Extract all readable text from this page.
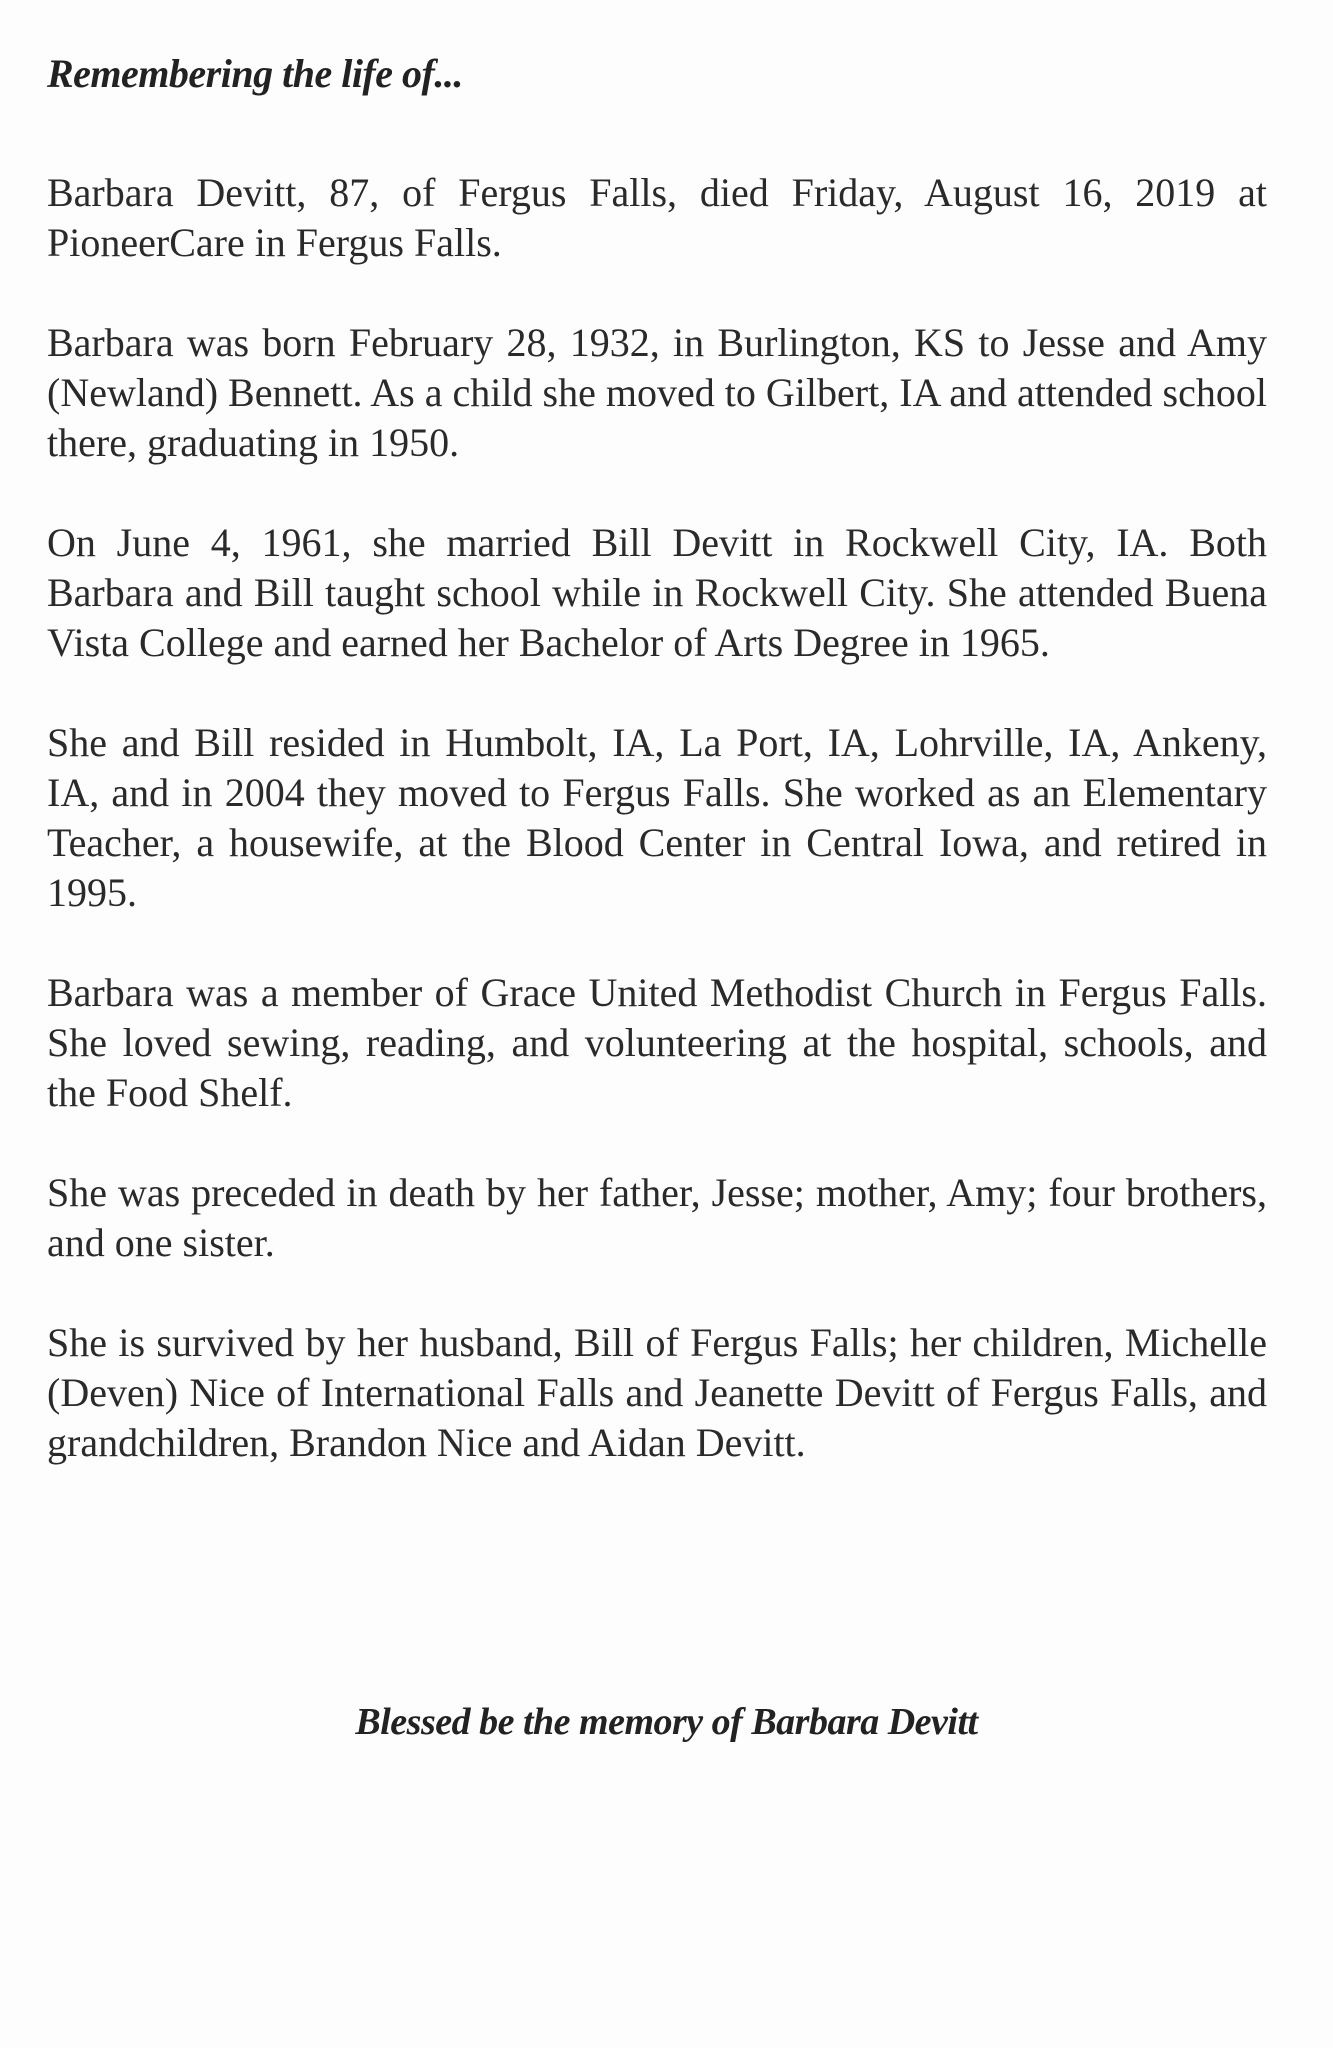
Remembering the life of...

Barbara Devitt, 87, of Fergus Falls, died Friday, August 16, 2019 at PioneerCare in Fergus Falls.

Barbara was born February 28, 1932, in Burlington, KS to Jesse and Amy (Newland) Bennett. As a child she moved to Gilbert, IA and attended school there, graduating in 1950.

On June 4, 1961, she married Bill Devitt in Rockwell City, IA. Both Barbara and Bill taught school while in Rockwell City. She attended Buena Vista College and earned her Bachelor of Arts Degree in 1965.

She and Bill resided in Humbolt, IA, La Port, IA, Lohrville, IA, Ankeny, IA, and in 2004 they moved to Fergus Falls. She worked as an Elementary Teacher, a housewife, at the Blood Center in Central Iowa, and retired in 1995.

Barbara was a member of Grace United Methodist Church in Fergus Falls. She loved sewing, reading, and volunteering at the hospital, schools, and the Food Shelf.

She was preceded in death by her father, Jesse; mother, Amy; four brothers, and one sister.

She is survived by her husband, Bill of Fergus Falls; her children, Michelle (Deven) Nice of International Falls and Jeanette Devitt of Fergus Falls, and grandchildren, Brandon Nice and Aidan Devitt.

Blessed be the memory of Barbara Devitt
